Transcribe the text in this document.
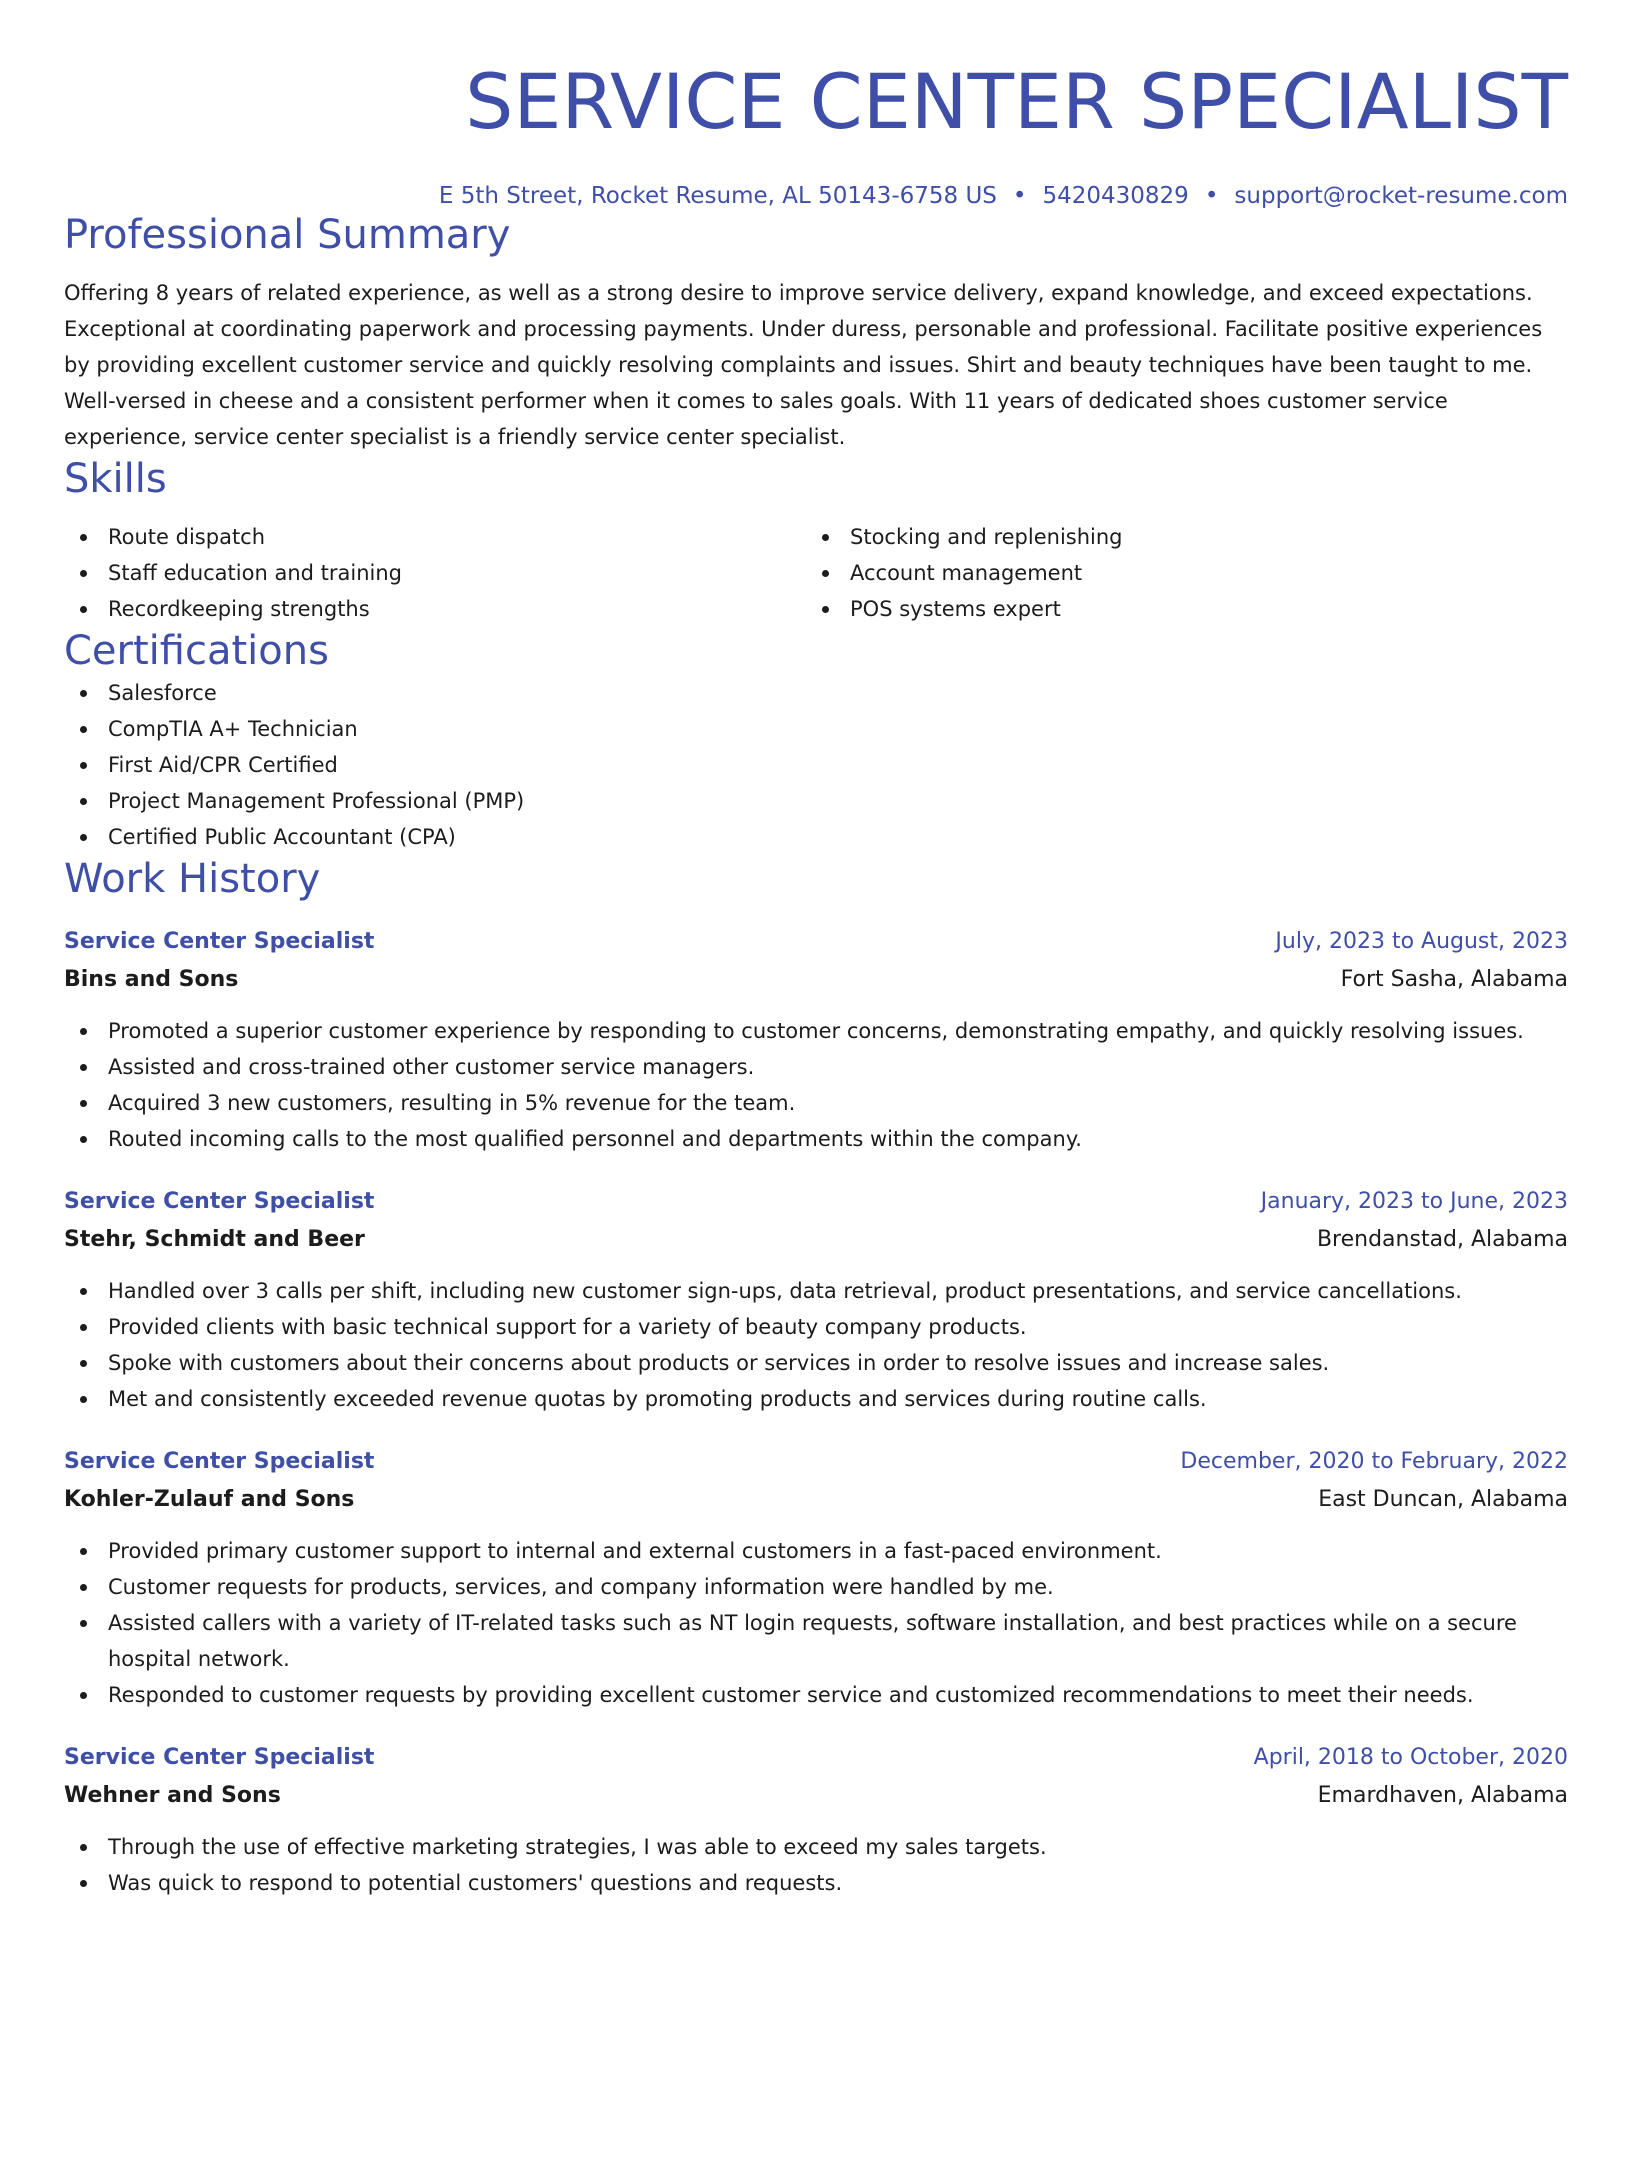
SERVICE CENTER SPECIALIST
E 5th Street, Rocket Resume, AL 50143-6758 US • 5420430829 • support@rocket-resume.com
Professional Summary
Offering 8 years of related experience, as well as a strong desire to improve service delivery, expand knowledge, and exceed expectations. Exceptional at coordinating paperwork and processing payments. Under duress, personable and professional. Facilitate positive experiences by providing excellent customer service and quickly resolving complaints and issues. Shirt and beauty techniques have been taught to me. Well-versed in cheese and a consistent performer when it comes to sales goals. With 11 years of dedicated shoes customer service experience, service center specialist is a friendly service center specialist.
Skills
Route dispatch
Staff education and training
Recordkeeping strengths
Stocking and replenishing
Account management
POS systems expert
Certifications
Salesforce
CompTIA A+ Technician
First Aid/CPR Certified
Project Management Professional (PMP)
Certified Public Accountant (CPA)
Work History
Service Center Specialist	July, 2023 to August, 2023
Bins and Sons	Fort Sasha, Alabama
Promoted a superior customer experience by responding to customer concerns, demonstrating empathy, and quickly resolving issues.
Assisted and cross-trained other customer service managers.
Acquired 3 new customers, resulting in 5% revenue for the team.
Routed incoming calls to the most qualified personnel and departments within the company.
Service Center Specialist	January, 2023 to June, 2023
Stehr, Schmidt and Beer	Brendanstad, Alabama
Handled over 3 calls per shift, including new customer sign-ups, data retrieval, product presentations, and service cancellations.
Provided clients with basic technical support for a variety of beauty company products.
Spoke with customers about their concerns about products or services in order to resolve issues and increase sales.
Met and consistently exceeded revenue quotas by promoting products and services during routine calls.
Service Center Specialist	December, 2020 to February, 2022
Kohler-Zulauf and Sons	East Duncan, Alabama
Provided primary customer support to internal and external customers in a fast-paced environment.
Customer requests for products, services, and company information were handled by me.
Assisted callers with a variety of IT-related tasks such as NT login requests, software installation, and best practices while on a secure hospital network.
Responded to customer requests by providing excellent customer service and customized recommendations to meet their needs.
Service Center Specialist	April, 2018 to October, 2020
Wehner and Sons	Emardhaven, Alabama
Through the use of effective marketing strategies, I was able to exceed my sales targets.
Was quick to respond to potential customers' questions and requests.
